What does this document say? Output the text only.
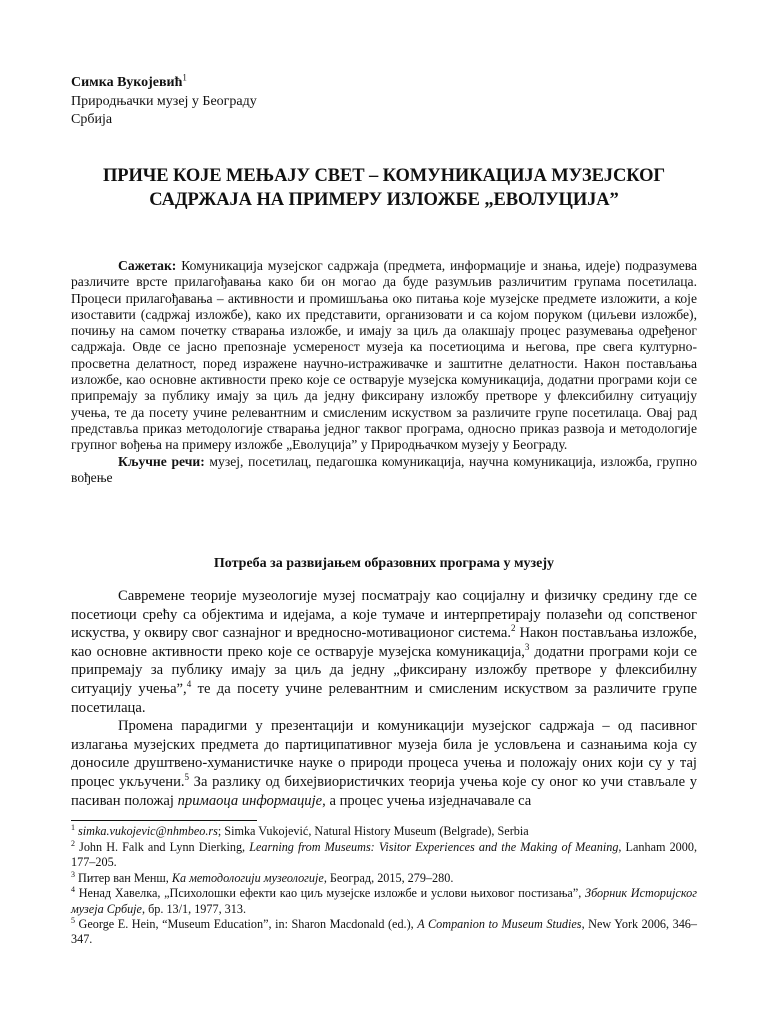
Симка Вукојевић$^1$
Природњачки музеј у Београду
Србија
ПРИЧЕ КОЈЕ МЕЊАЈУ СВЕТ – КОМУНИКАЦИЈА МУЗЕЈСКОГ САДРЖАЈА НА ПРИМЕРУ ИЗЛОЖБЕ „ЕВОЛУЦИЈА”

Сажетак: Комуникација музејског садржаја (предмета, информације и знања, идеје) подразумева различите врсте прилагођавања како би он могао да буде разумљив различитим групама посетилаца. Процеси прилагођавања – активности и промишљања око питања које музејске предмете изложити, а које изоставити (садржај изложбе), како их представити, организовати и са којом поруком (циљеви изложбе), почињу на самом почетку стварања изложбе, и имају за циљ да олакшају процес разумевања одређеног садржаја. Овде се јасно препознаје усмереност музеја ка посетиоцима и његова, пре свега културно-просветна делатност, поред изражене научно-истраживачке и заштитне делатности. Након постављања изложбе, као основне активности преко које се остварује музејска комуникација, додатни програми који се припремају за публику имају за циљ да једну фиксирану изложбу претворе у флексибилну ситуацију учења, те да посету учине релевантним и смисленим искуством за различите групе посетилаца. Овај рад представља приказ методологије стварања једног таквог програма, односно приказ развоја и методологије групног вођења на примеру изложбе „Еволуција” у Природњачком музеју у Београду.

Кључне речи: музеј, посетилац, педагошка комуникација, научна комуникација, изложба, групно вођење

Потреба за развијањем образовних програма у музеју

Савремене теорије музеологије музеј посматрају као социјалну и физичку средину где се посетиоци срећу са објектима и идејама, а које тумаче и интерпретирају полазећи од сопственог искуства, у оквиру свог сазнајног и вредносно-мотивационог система.$^2$ Након постављања изложбе, као основне активности преко које се остварује музејска комуникација,$^3$ додатни програми који се припремају за публику имају за циљ да једну „фиксирану изложбу претворе у флексибилну ситуацију учења”,$^4$ те да посету учине релевантним и смисленим искуством за различите групе посетилаца.

Промена парадигми у презентацији и комуникацији музејског садржаја – од пасивног излагања музејских предмета до партиципативног музеја била је условљена и сазнањима која су доносиле друштвено-хуманистичке науке о природи процеса учења и положају оних који су у тај процес укључени.$^5$ За разлику од бихејвиористичких теорија учења које су оног ко учи стављале у пасиван положај примаоца информације, а процес учења изједначавале са

$^1$ simka.vukojevic@nhmbeo.rs; Simka Vukojević, Natural History Museum (Belgrade), Serbia
$^2$ John H. Falk and Lynn Dierking, Learning from Museums: Visitor Experiences and the Making of Meaning, Lanham 2000, 177–205.
$^3$ Питер ван Менш, Ка методологији музеологије, Београд, 2015, 279–280.
$^4$ Ненад Хавелка, „Психолошки ефекти као циљ музејске изложбе и услови њиховог постизања”, Зборник Историјског музеја Србије, бр. 13/1, 1977, 313.
$^5$ George E. Hein, “Museum Education”, in: Sharon Macdonald (ed.), A Companion to Museum Studies, New York 2006, 346–347.
